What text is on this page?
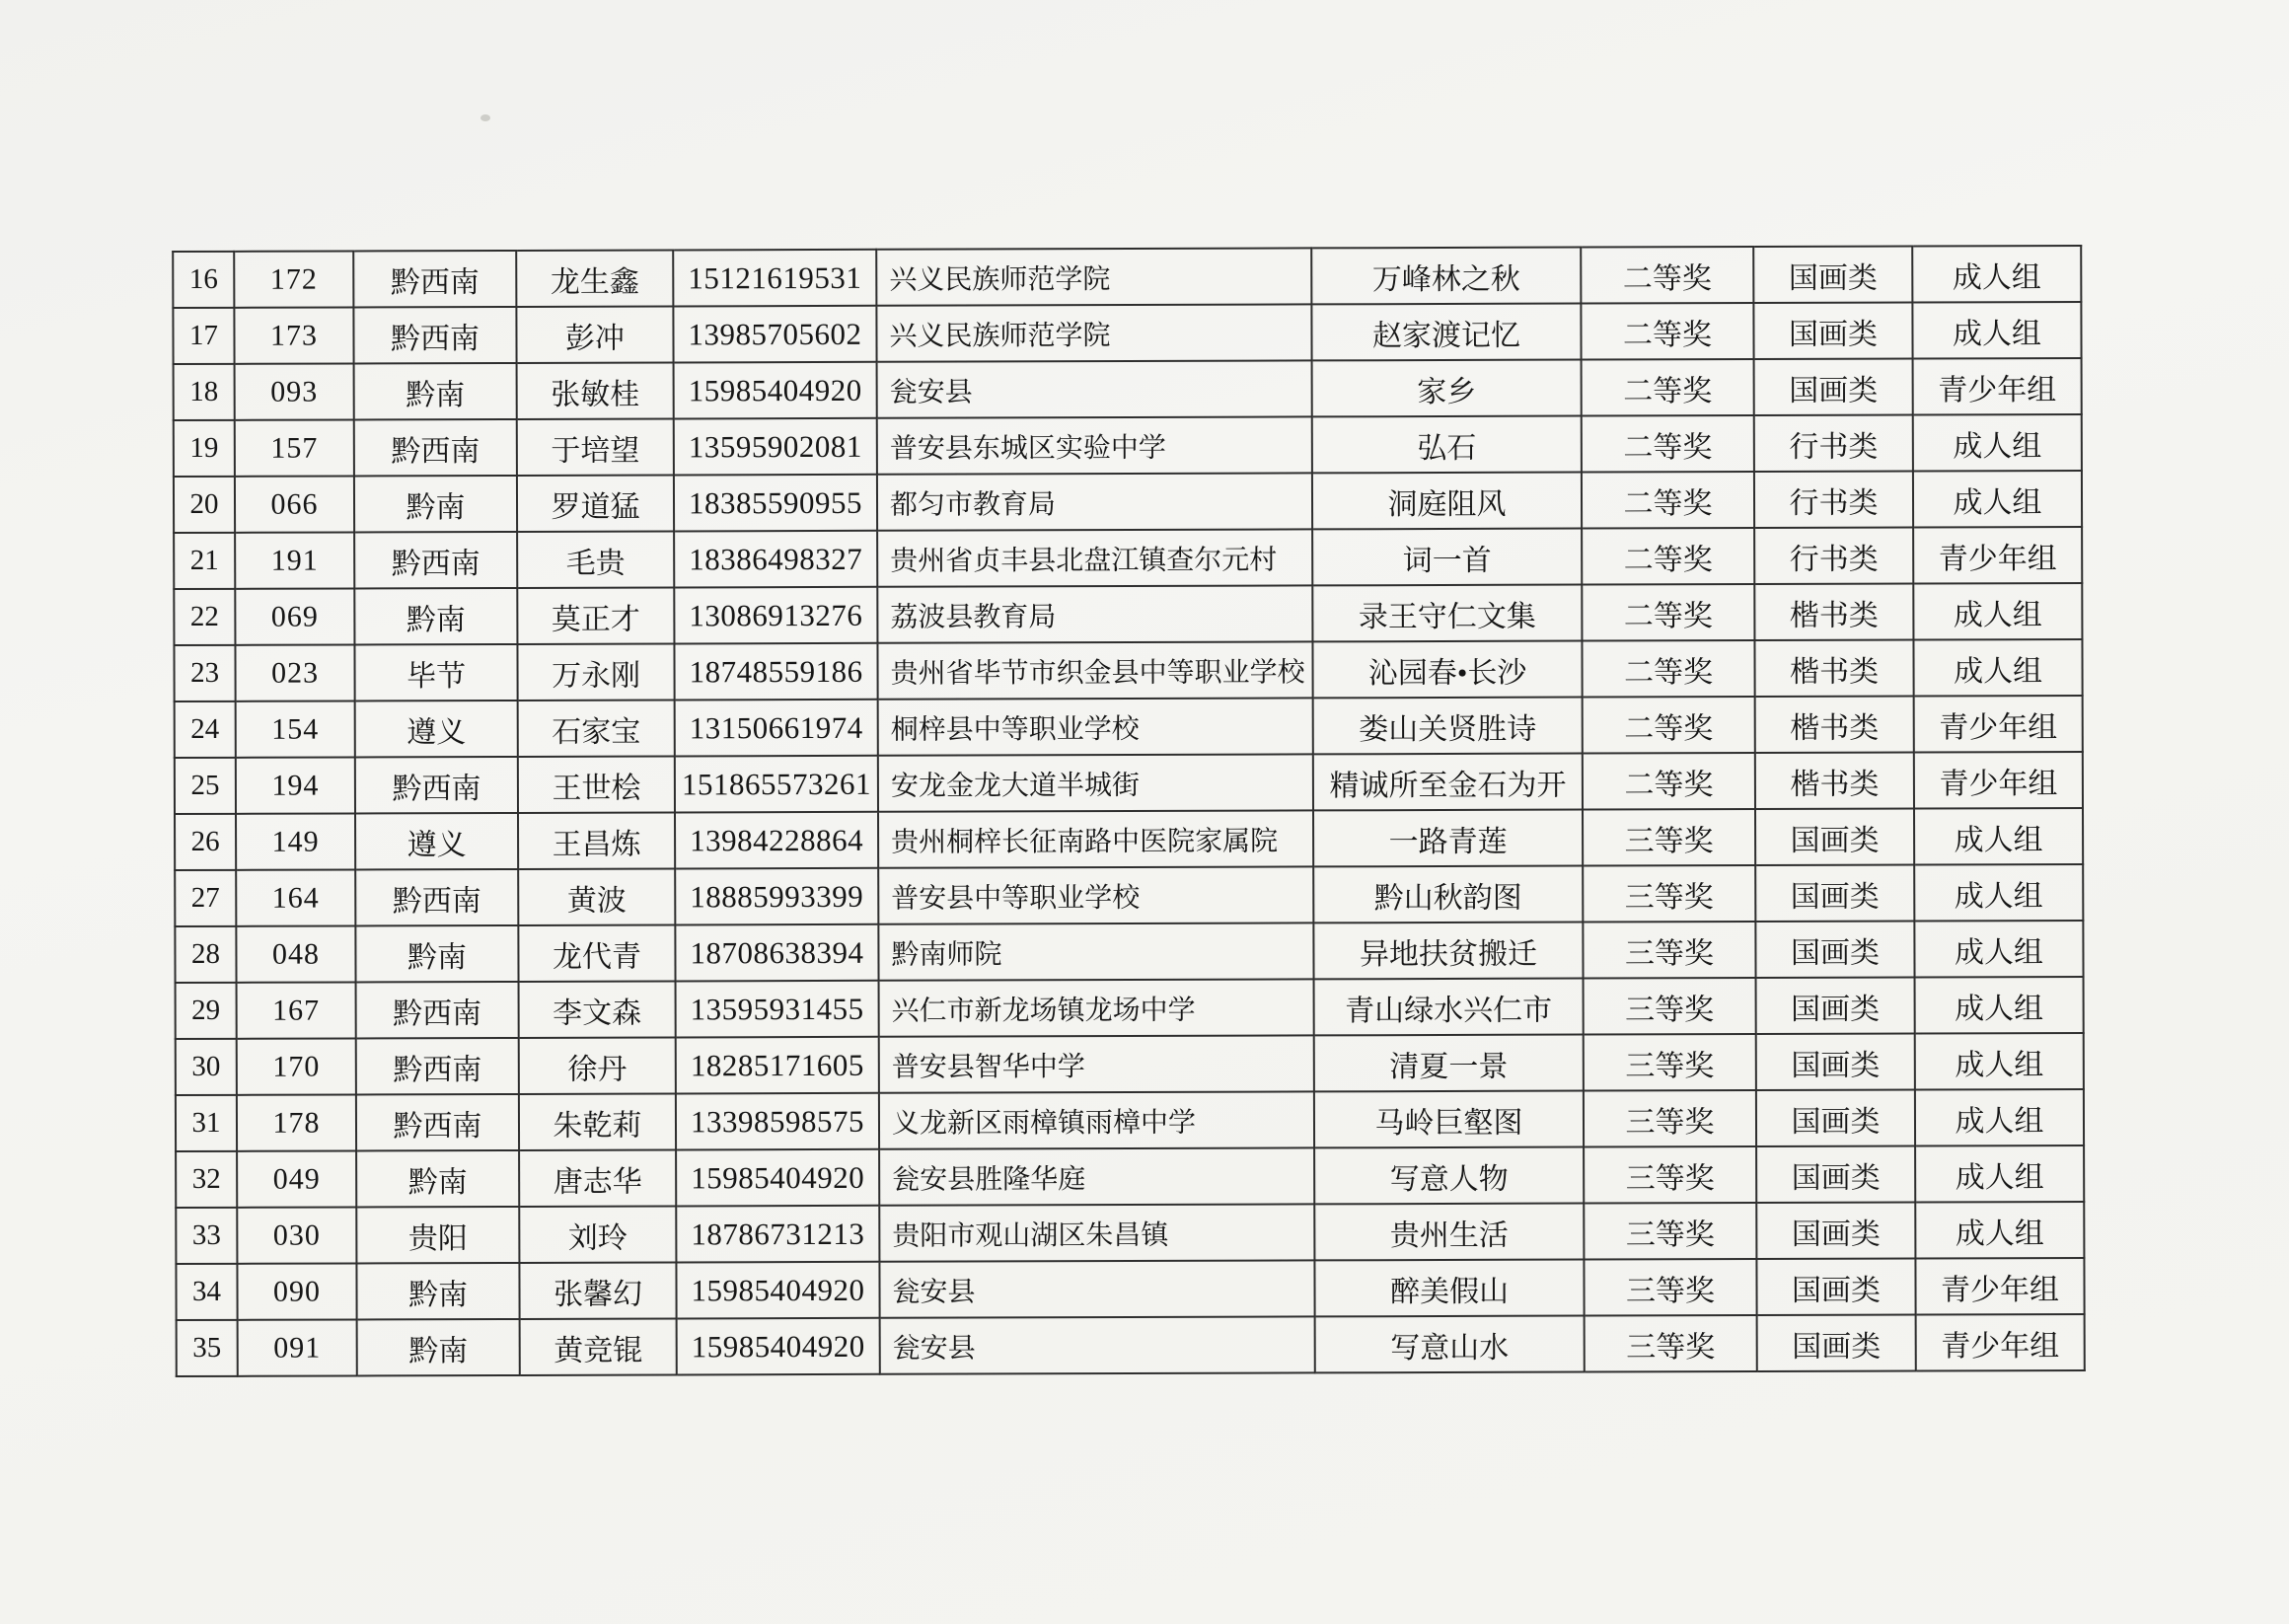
16	172	黔西南	龙生鑫	15121619531	兴义民族师范学院	万峰林之秋	二等奖	国画类	成人组
17	173	黔西南	彭冲	13985705602	兴义民族师范学院	赵家渡记忆	二等奖	国画类	成人组
18	093	黔南	张敏桂	15985404920	瓮安县	家乡	二等奖	国画类	青少年组
19	157	黔西南	于培望	13595902081	普安县东城区实验中学	弘石	二等奖	行书类	成人组
20	066	黔南	罗道猛	18385590955	都匀市教育局	洞庭阻风	二等奖	行书类	成人组
21	191	黔西南	毛贵	18386498327	贵州省贞丰县北盘江镇查尔元村	词一首	二等奖	行书类	青少年组
22	069	黔南	莫正才	13086913276	荔波县教育局	录王守仁文集	二等奖	楷书类	成人组
23	023	毕节	万永刚	18748559186	贵州省毕节市织金县中等职业学校	沁园春•长沙	二等奖	楷书类	成人组
24	154	遵义	石家宝	13150661974	桐梓县中等职业学校	娄山关贤胜诗	二等奖	楷书类	青少年组
25	194	黔西南	王世桧	151865573261	安龙金龙大道半城街	精诚所至金石为开	二等奖	楷书类	青少年组
26	149	遵义	王昌炼	13984228864	贵州桐梓长征南路中医院家属院	一路青莲	三等奖	国画类	成人组
27	164	黔西南	黄波	18885993399	普安县中等职业学校	黔山秋韵图	三等奖	国画类	成人组
28	048	黔南	龙代青	18708638394	黔南师院	异地扶贫搬迁	三等奖	国画类	成人组
29	167	黔西南	李文森	13595931455	兴仁市新龙场镇龙场中学	青山绿水兴仁市	三等奖	国画类	成人组
30	170	黔西南	徐丹	18285171605	普安县智华中学	清夏一景	三等奖	国画类	成人组
31	178	黔西南	朱乾莉	13398598575	义龙新区雨樟镇雨樟中学	马岭巨壑图	三等奖	国画类	成人组
32	049	黔南	唐志华	15985404920	瓮安县胜隆华庭	写意人物	三等奖	国画类	成人组
33	030	贵阳	刘玲	18786731213	贵阳市观山湖区朱昌镇	贵州生活	三等奖	国画类	成人组
34	090	黔南	张馨幻	15985404920	瓮安县	醉美假山	三等奖	国画类	青少年组
35	091	黔南	黄竞锟	15985404920	瓮安县	写意山水	三等奖	国画类	青少年组
